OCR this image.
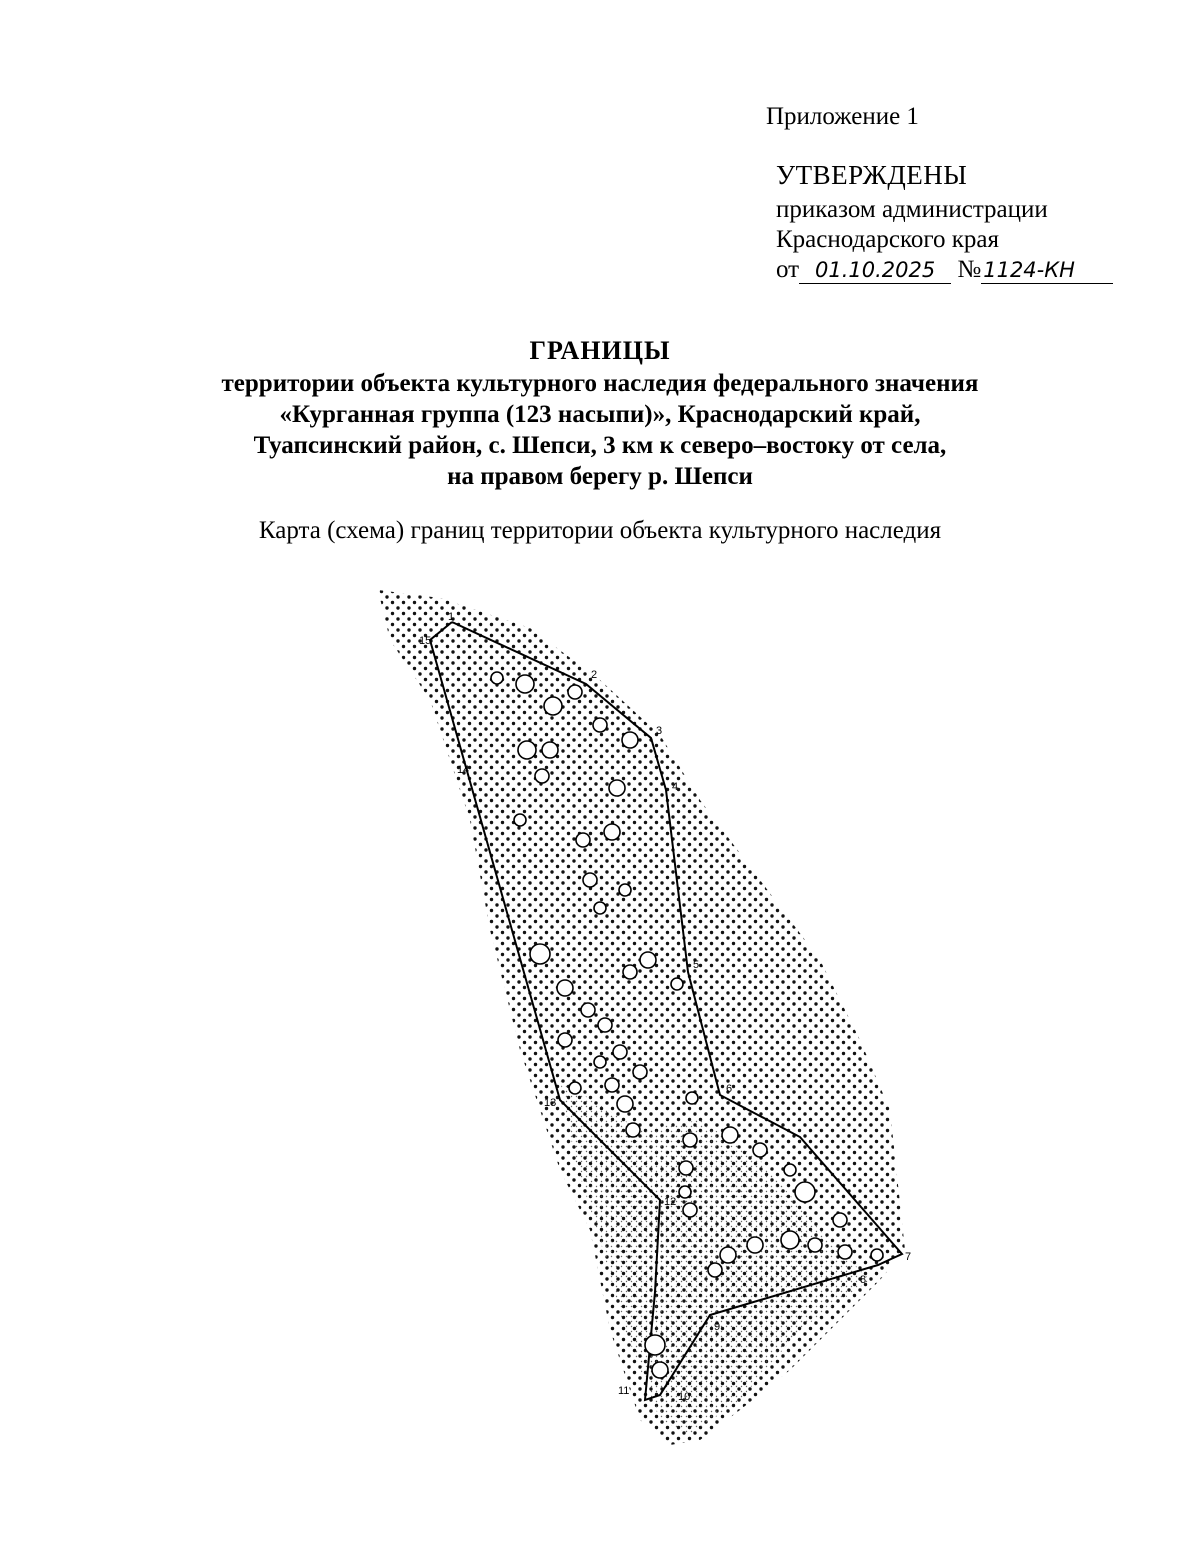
Приложение 1
УТВЕРЖДЕНЫ
приказом администрации
Краснодарского края
от 01.10.2025 №1124-КН
ГРАНИЦЫ
территории объекта культурного наследия федерального значения
«Курганная группа (123 насыпи)», Краснодарский край,
Туапсинский район, с. Шепси, 3 км к северо–востоку от села,
на правом берегу р. Шепси
Карта (схема) границ территории объекта культурного наследия
1
2
3
4
5
6
7
8
9
10
11
12
13
14
15
